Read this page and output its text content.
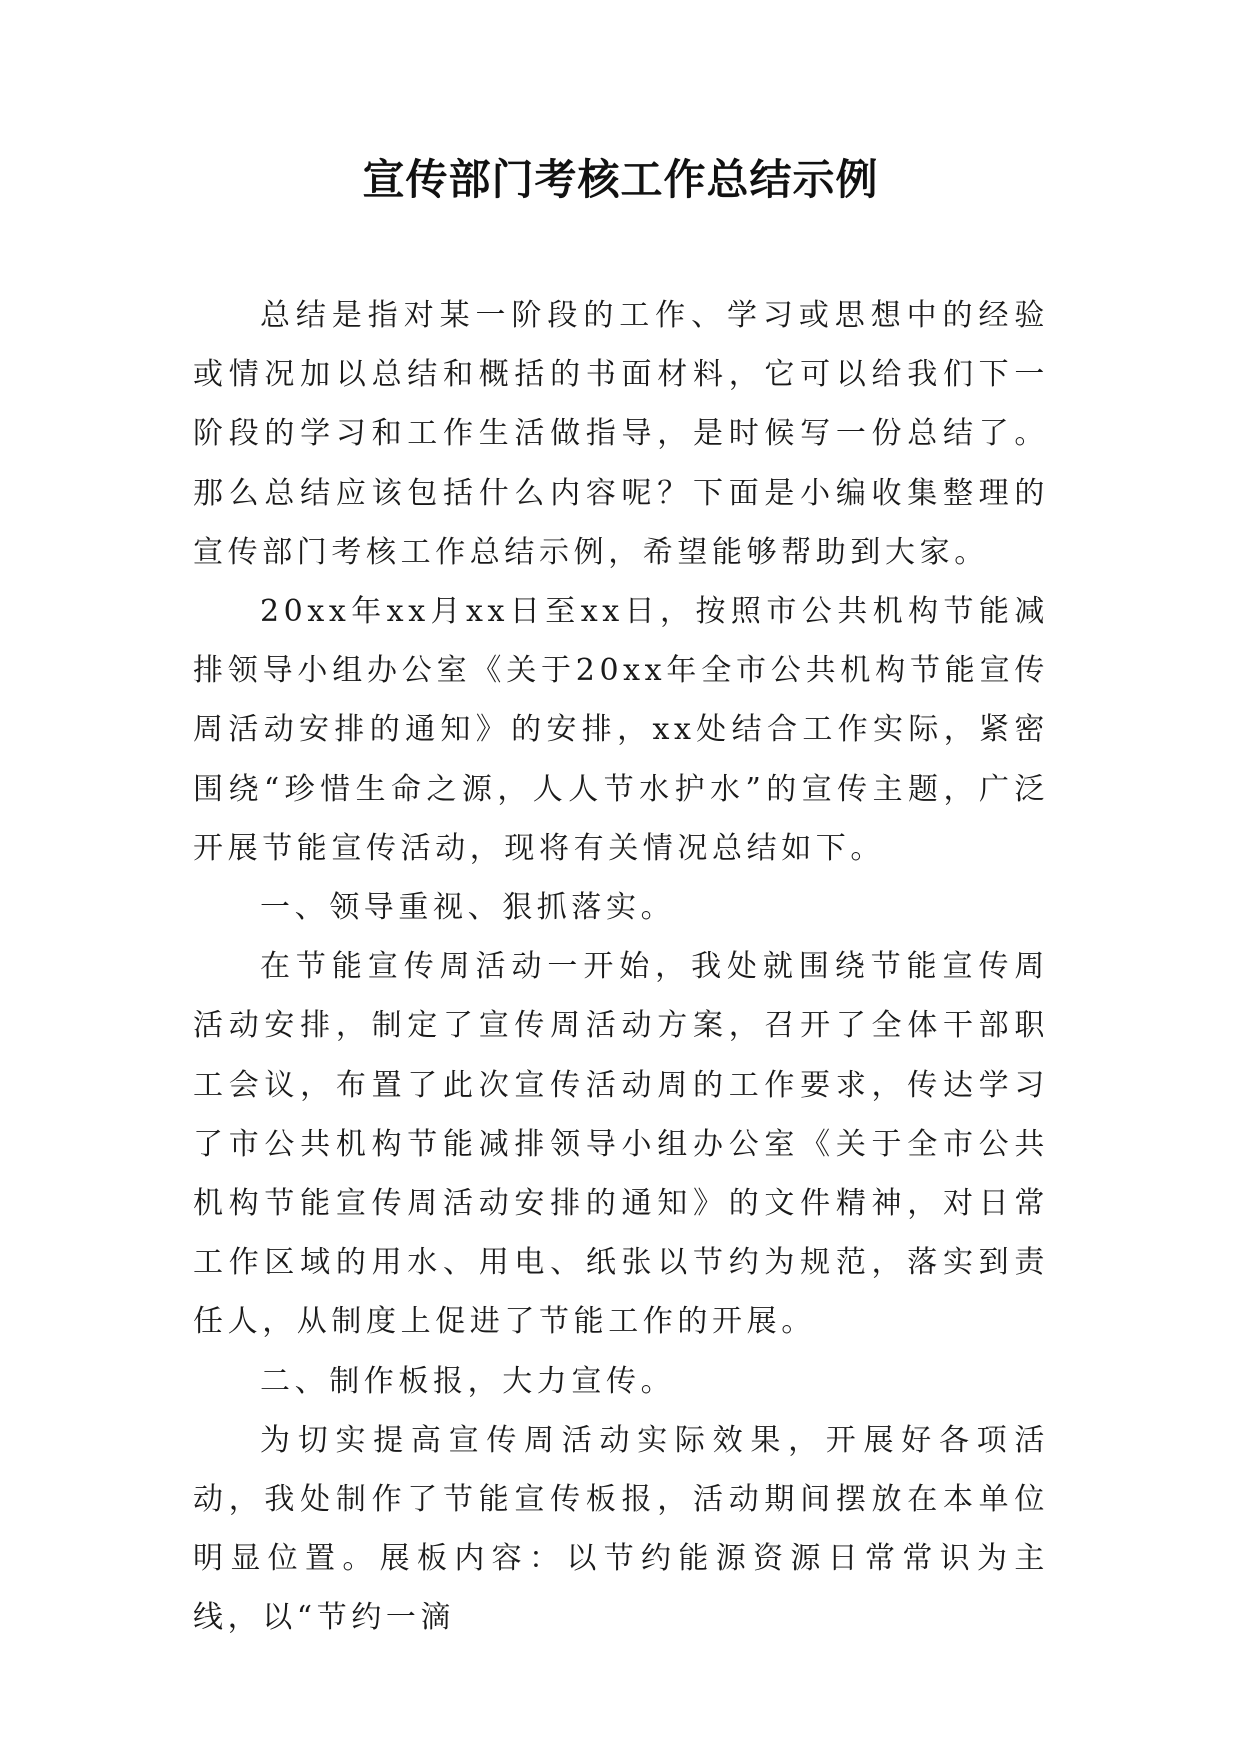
宣传部门考核工作总结示例

总结是指对某一阶段的工作、学习或思想中的经验或情况加以总结和概括的书面材料，它可以给我们下一阶段的学习和工作生活做指导，是时候写一份总结了。那么总结应该包括什么内容呢？下面是小编收集整理的宣传部门考核工作总结示例，希望能够帮助到大家。

20xx年xx月xx日至xx日，按照市公共机构节能减排领导小组办公室《关于20xx年全市公共机构节能宣传周活动安排的通知》的安排，xx处结合工作实际，紧密围绕“珍惜生命之源，人人节水护水”的宣传主题，广泛开展节能宣传活动，现将有关情况总结如下。

一、领导重视、狠抓落实。

在节能宣传周活动一开始，我处就围绕节能宣传周活动安排，制定了宣传周活动方案，召开了全体干部职工会议，布置了此次宣传活动周的工作要求，传达学习了市公共机构节能减排领导小组办公室《关于全市公共机构节能宣传周活动安排的通知》的文件精神，对日常工作区域的用水、用电、纸张以节约为规范，落实到责任人，从制度上促进了节能工作的开展。

二、制作板报，大力宣传。

为切实提高宣传周活动实际效果，开展好各项活动，我处制作了节能宣传板报，活动期间摆放在本单位明显位置。展板内容：以节约能源资源日常常识为主线，以“节约一滴
